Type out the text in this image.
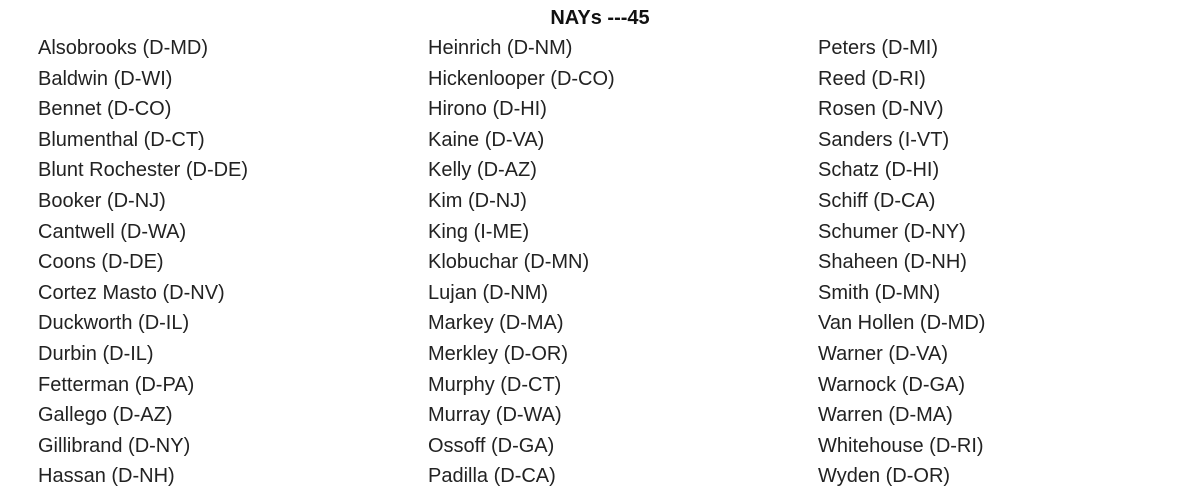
NAYs ---45
Alsobrooks (D-MD)
Baldwin (D-WI)
Bennet (D-CO)
Blumenthal (D-CT)
Blunt Rochester (D-DE)
Booker (D-NJ)
Cantwell (D-WA)
Coons (D-DE)
Cortez Masto (D-NV)
Duckworth (D-IL)
Durbin (D-IL)
Fetterman (D-PA)
Gallego (D-AZ)
Gillibrand (D-NY)
Hassan (D-NH)
Heinrich (D-NM)
Hickenlooper (D-CO)
Hirono (D-HI)
Kaine (D-VA)
Kelly (D-AZ)
Kim (D-NJ)
King (I-ME)
Klobuchar (D-MN)
Lujan (D-NM)
Markey (D-MA)
Merkley (D-OR)
Murphy (D-CT)
Murray (D-WA)
Ossoff (D-GA)
Padilla (D-CA)
Peters (D-MI)
Reed (D-RI)
Rosen (D-NV)
Sanders (I-VT)
Schatz (D-HI)
Schiff (D-CA)
Schumer (D-NY)
Shaheen (D-NH)
Smith (D-MN)
Van Hollen (D-MD)
Warner (D-VA)
Warnock (D-GA)
Warren (D-MA)
Whitehouse (D-RI)
Wyden (D-OR)
